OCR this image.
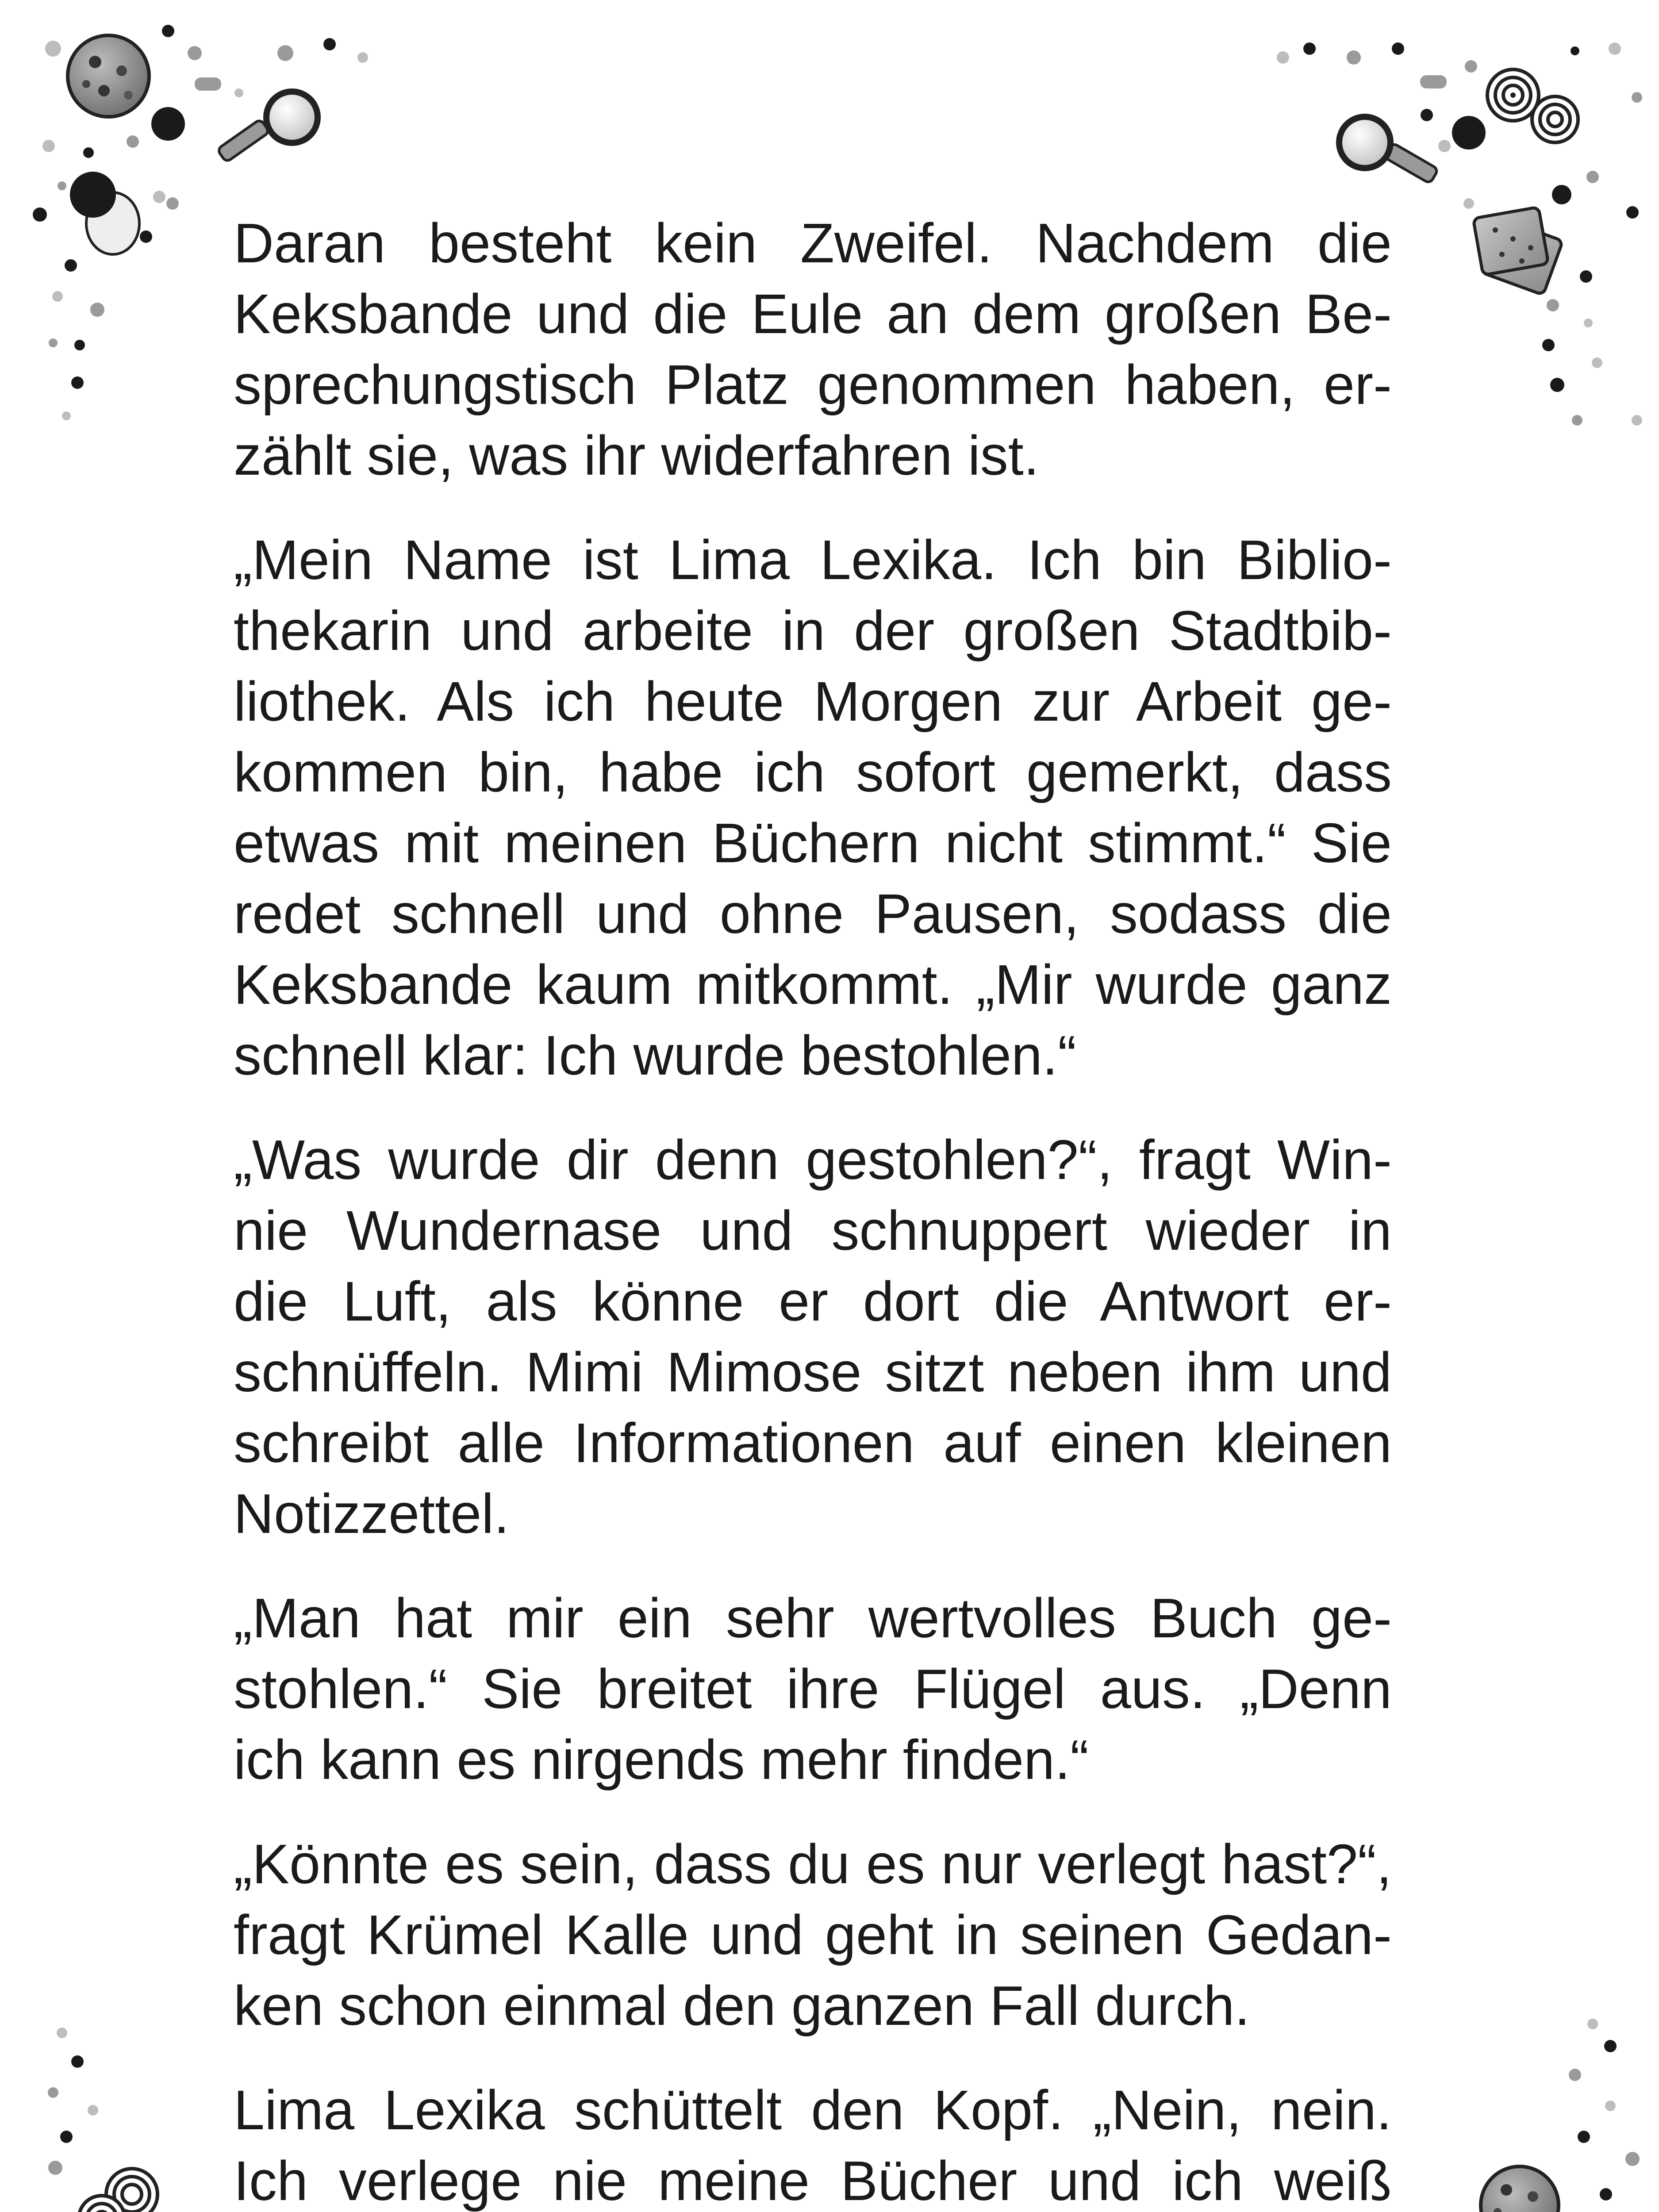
Daran besteht kein Zweifel. Nachdem die
Keksbande und die Eule an dem großen Be-
sprechungstisch Platz genommen haben, er-
zählt sie, was ihr widerfahren ist.
„Mein Name ist Lima Lexika. Ich bin Biblio-
thekarin und arbeite in der großen Stadtbib-
liothek. Als ich heute Morgen zur Arbeit ge-
kommen bin, habe ich sofort gemerkt, dass
etwas mit meinen Büchern nicht stimmt.“ Sie
redet schnell und ohne Pausen, sodass die
Keksbande kaum mitkommt. „Mir wurde ganz
schnell klar: Ich wurde bestohlen.“
„Was wurde dir denn gestohlen?“, fragt Win-
nie Wundernase und schnuppert wieder in
die Luft, als könne er dort die Antwort er-
schnüffeln. Mimi Mimose sitzt neben ihm und
schreibt alle Informationen auf einen kleinen
Notizzettel.
„Man hat mir ein sehr wertvolles Buch ge-
stohlen.“ Sie breitet ihre Flügel aus. „Denn
ich kann es nirgends mehr finden.“
„Könnte es sein, dass du es nur verlegt hast?“,
fragt Krümel Kalle und geht in seinen Gedan-
ken schon einmal den ganzen Fall durch.
Lima Lexika schüttelt den Kopf. „Nein, nein.
Ich verlege nie meine Bücher und ich weiß
